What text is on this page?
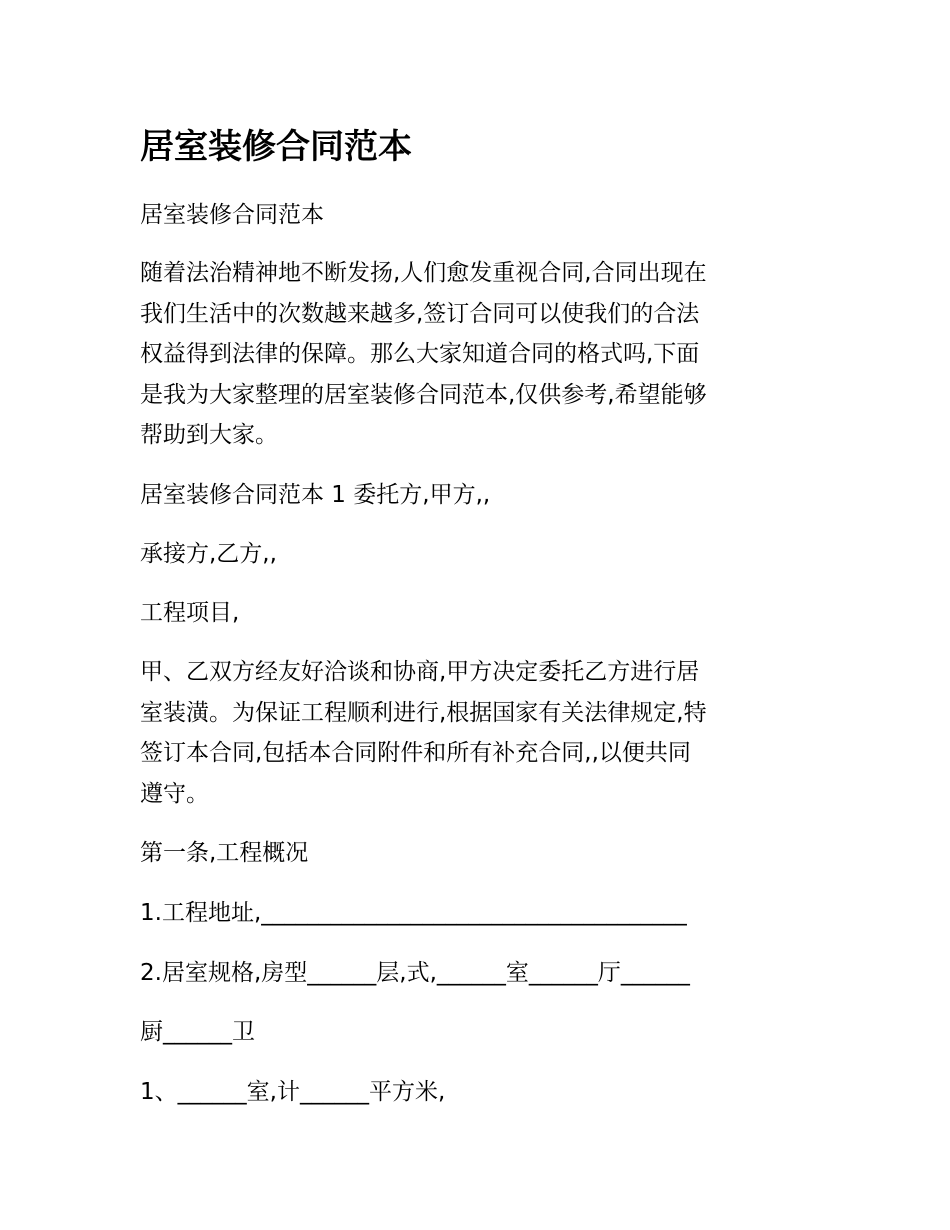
居室装修合同范本

居室装修合同范本

随着法治精神地不断发扬,人们愈发重视合同,合同出现在
我们生活中的次数越来越多,签订合同可以使我们的合法
权益得到法律的保障。那么大家知道合同的格式吗,下面
是我为大家整理的居室装修合同范本,仅供参考,希望能够
帮助到大家。

居室装修合同范本 1 委托方,甲方,,

承接方,乙方,,

工程项目,

甲、乙双方经友好洽谈和协商,甲方决定委托乙方进行居
室装潢。为保证工程顺利进行,根据国家有关法律规定,特
签订本合同,包括本合同附件和所有补充合同,,以便共同
遵守。

第一条,工程概况

1.工程地址,_____________________________________

2.居室规格,房型______层,式,______室______厅______

厨______卫

1、______室,计______平方米,
